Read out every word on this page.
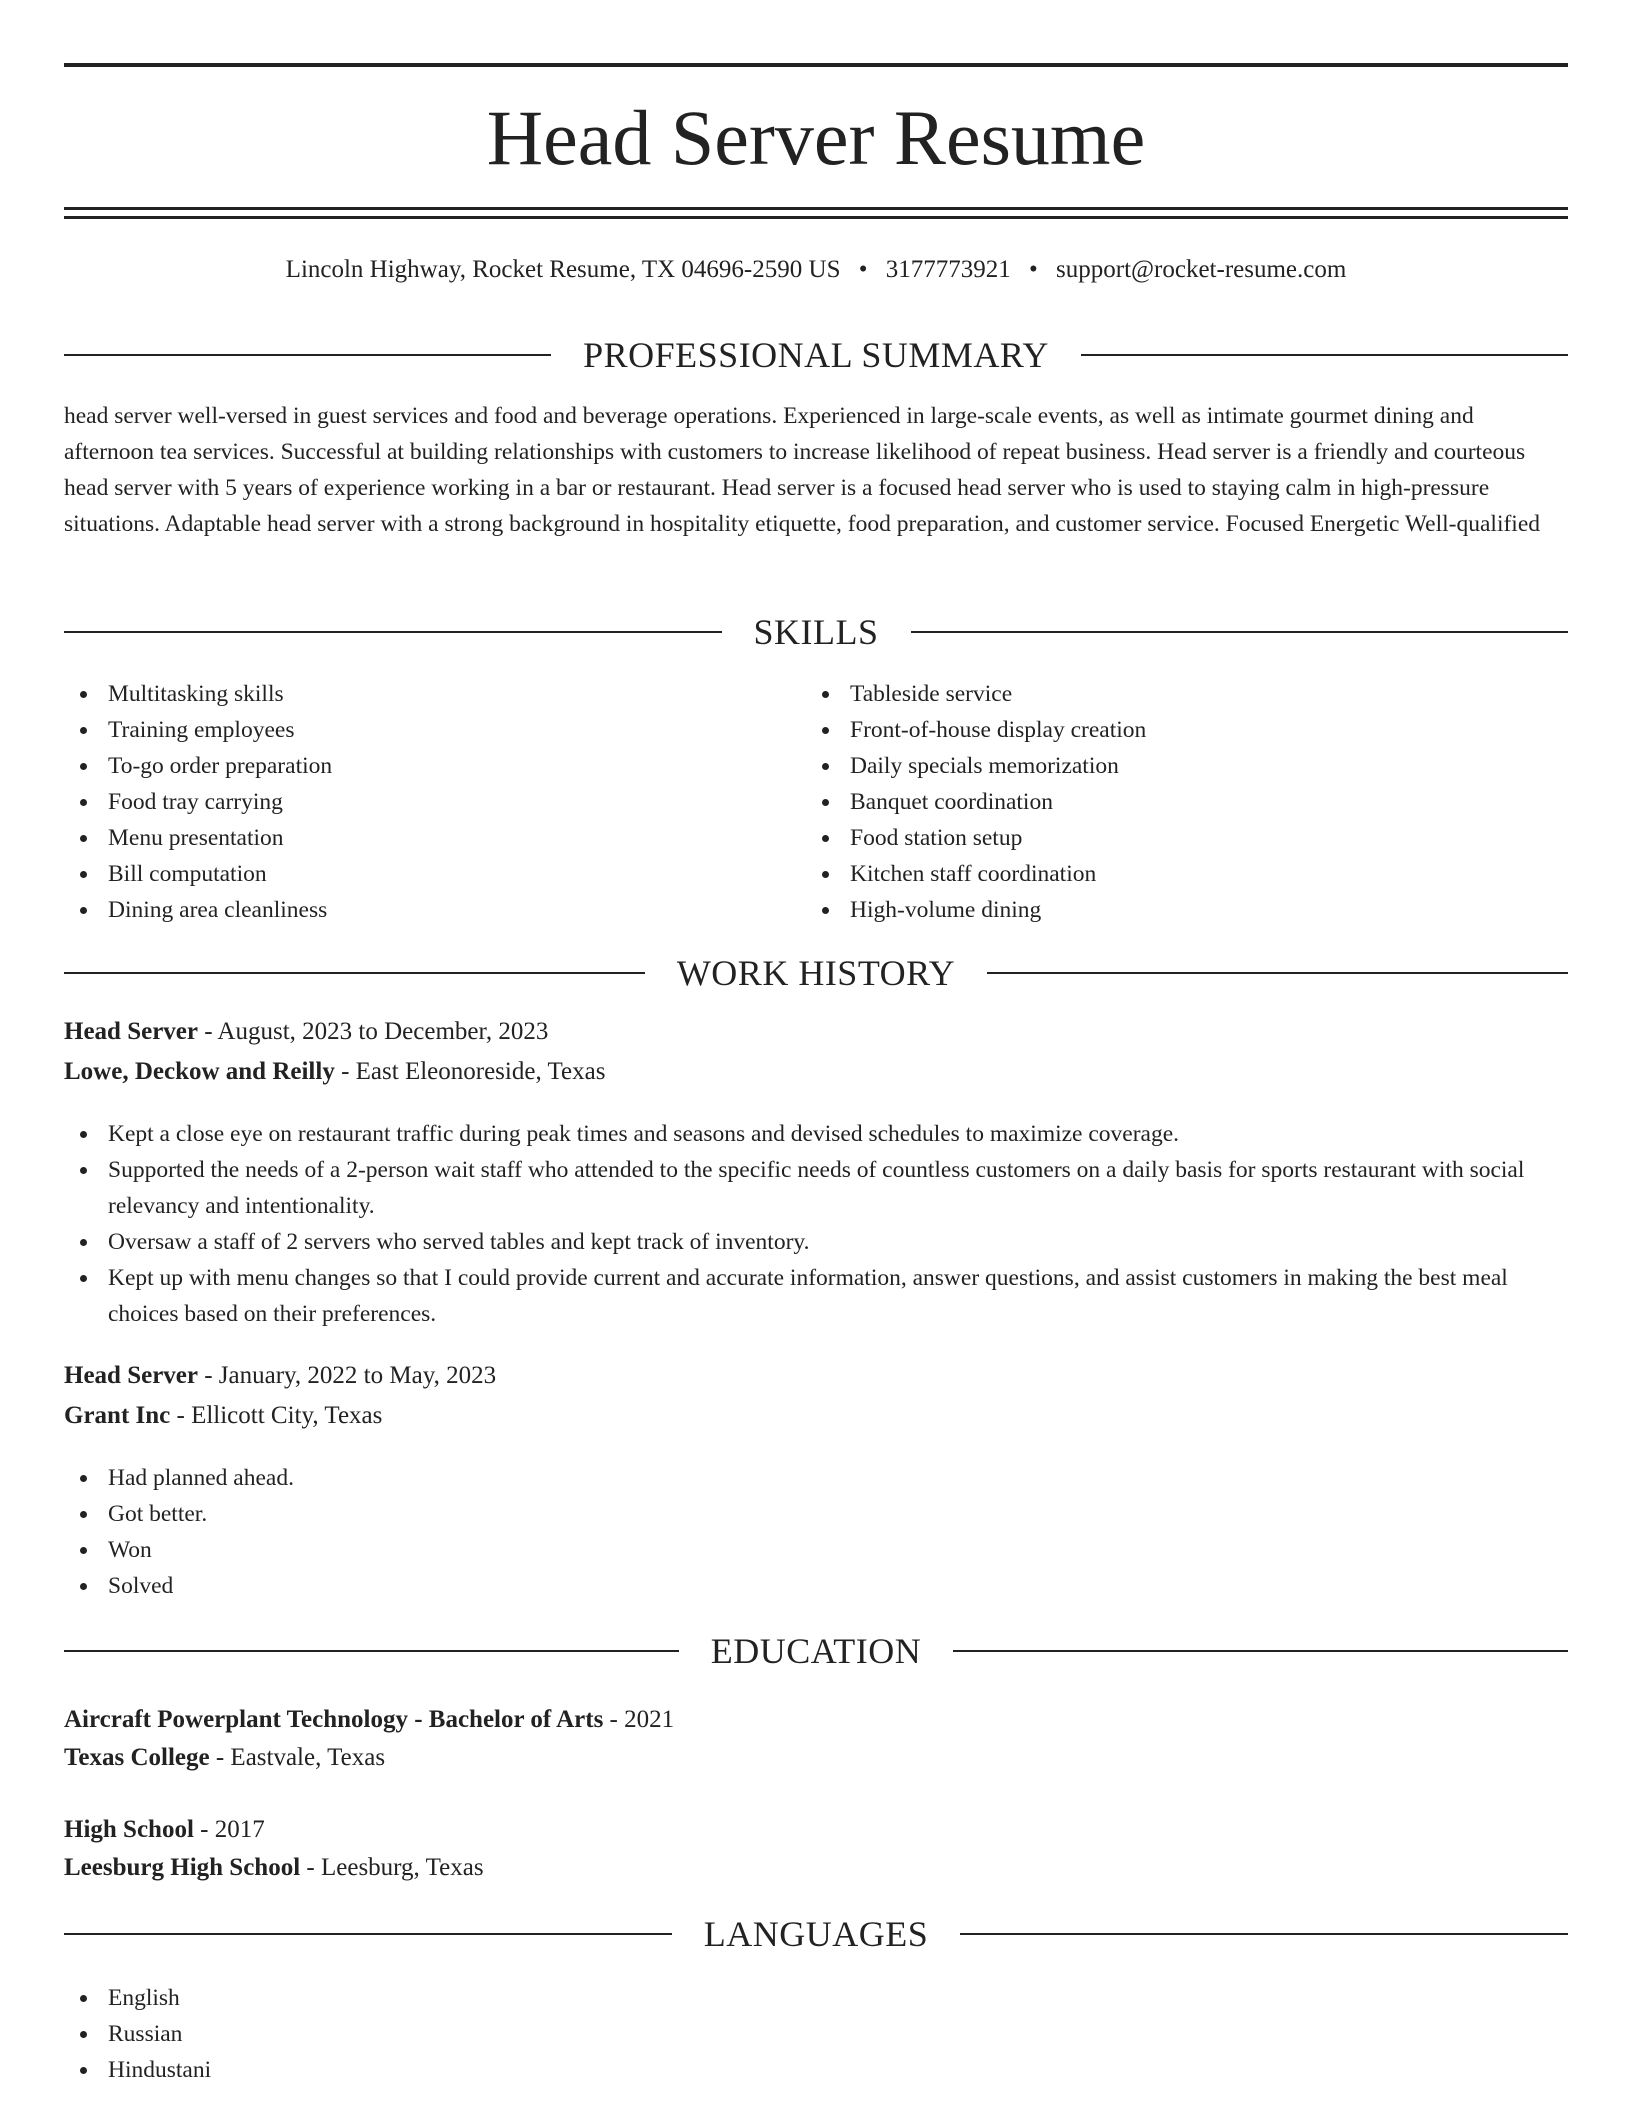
Head Server Resume
Lincoln Highway, Rocket Resume, TX 04696-2590 US • 3177773921 • support@rocket-resume.com
PROFESSIONAL SUMMARY

head server well-versed in guest services and food and beverage operations. Experienced in large-scale events, as well as intimate gourmet dining and afternoon tea services. Successful at building relationships with customers to increase likelihood of repeat business. Head server is a friendly and courteous head server with 5 years of experience working in a bar or restaurant. Head server is a focused head server who is used to staying calm in high-pressure situations. Adaptable head server with a strong background in hospitality etiquette, food preparation, and customer service. Focused Energetic Well-qualified

SKILLS
Multitasking skills
Training employees
To-go order preparation
Food tray carrying
Menu presentation
Bill computation
Dining area cleanliness
Tableside service
Front-of-house display creation
Daily specials memorization
Banquet coordination
Food station setup
Kitchen staff coordination
High-volume dining
WORK HISTORY
Head Server - August, 2023 to December, 2023
Lowe, Deckow and Reilly - East Eleonoreside, Texas
Kept a close eye on restaurant traffic during peak times and seasons and devised schedules to maximize coverage.
Supported the needs of a 2-person wait staff who attended to the specific needs of countless customers on a daily basis for sports restaurant with social relevancy and intentionality.
Oversaw a staff of 2 servers who served tables and kept track of inventory.
Kept up with menu changes so that I could provide current and accurate information, answer questions, and assist customers in making the best meal choices based on their preferences.
Head Server - January, 2022 to May, 2023
Grant Inc - Ellicott City, Texas
Had planned ahead.
Got better.
Won
Solved
EDUCATION
Aircraft Powerplant Technology - Bachelor of Arts - 2021
Texas College - Eastvale, Texas
High School - 2017
Leesburg High School - Leesburg, Texas
LANGUAGES
English
Russian
Hindustani
